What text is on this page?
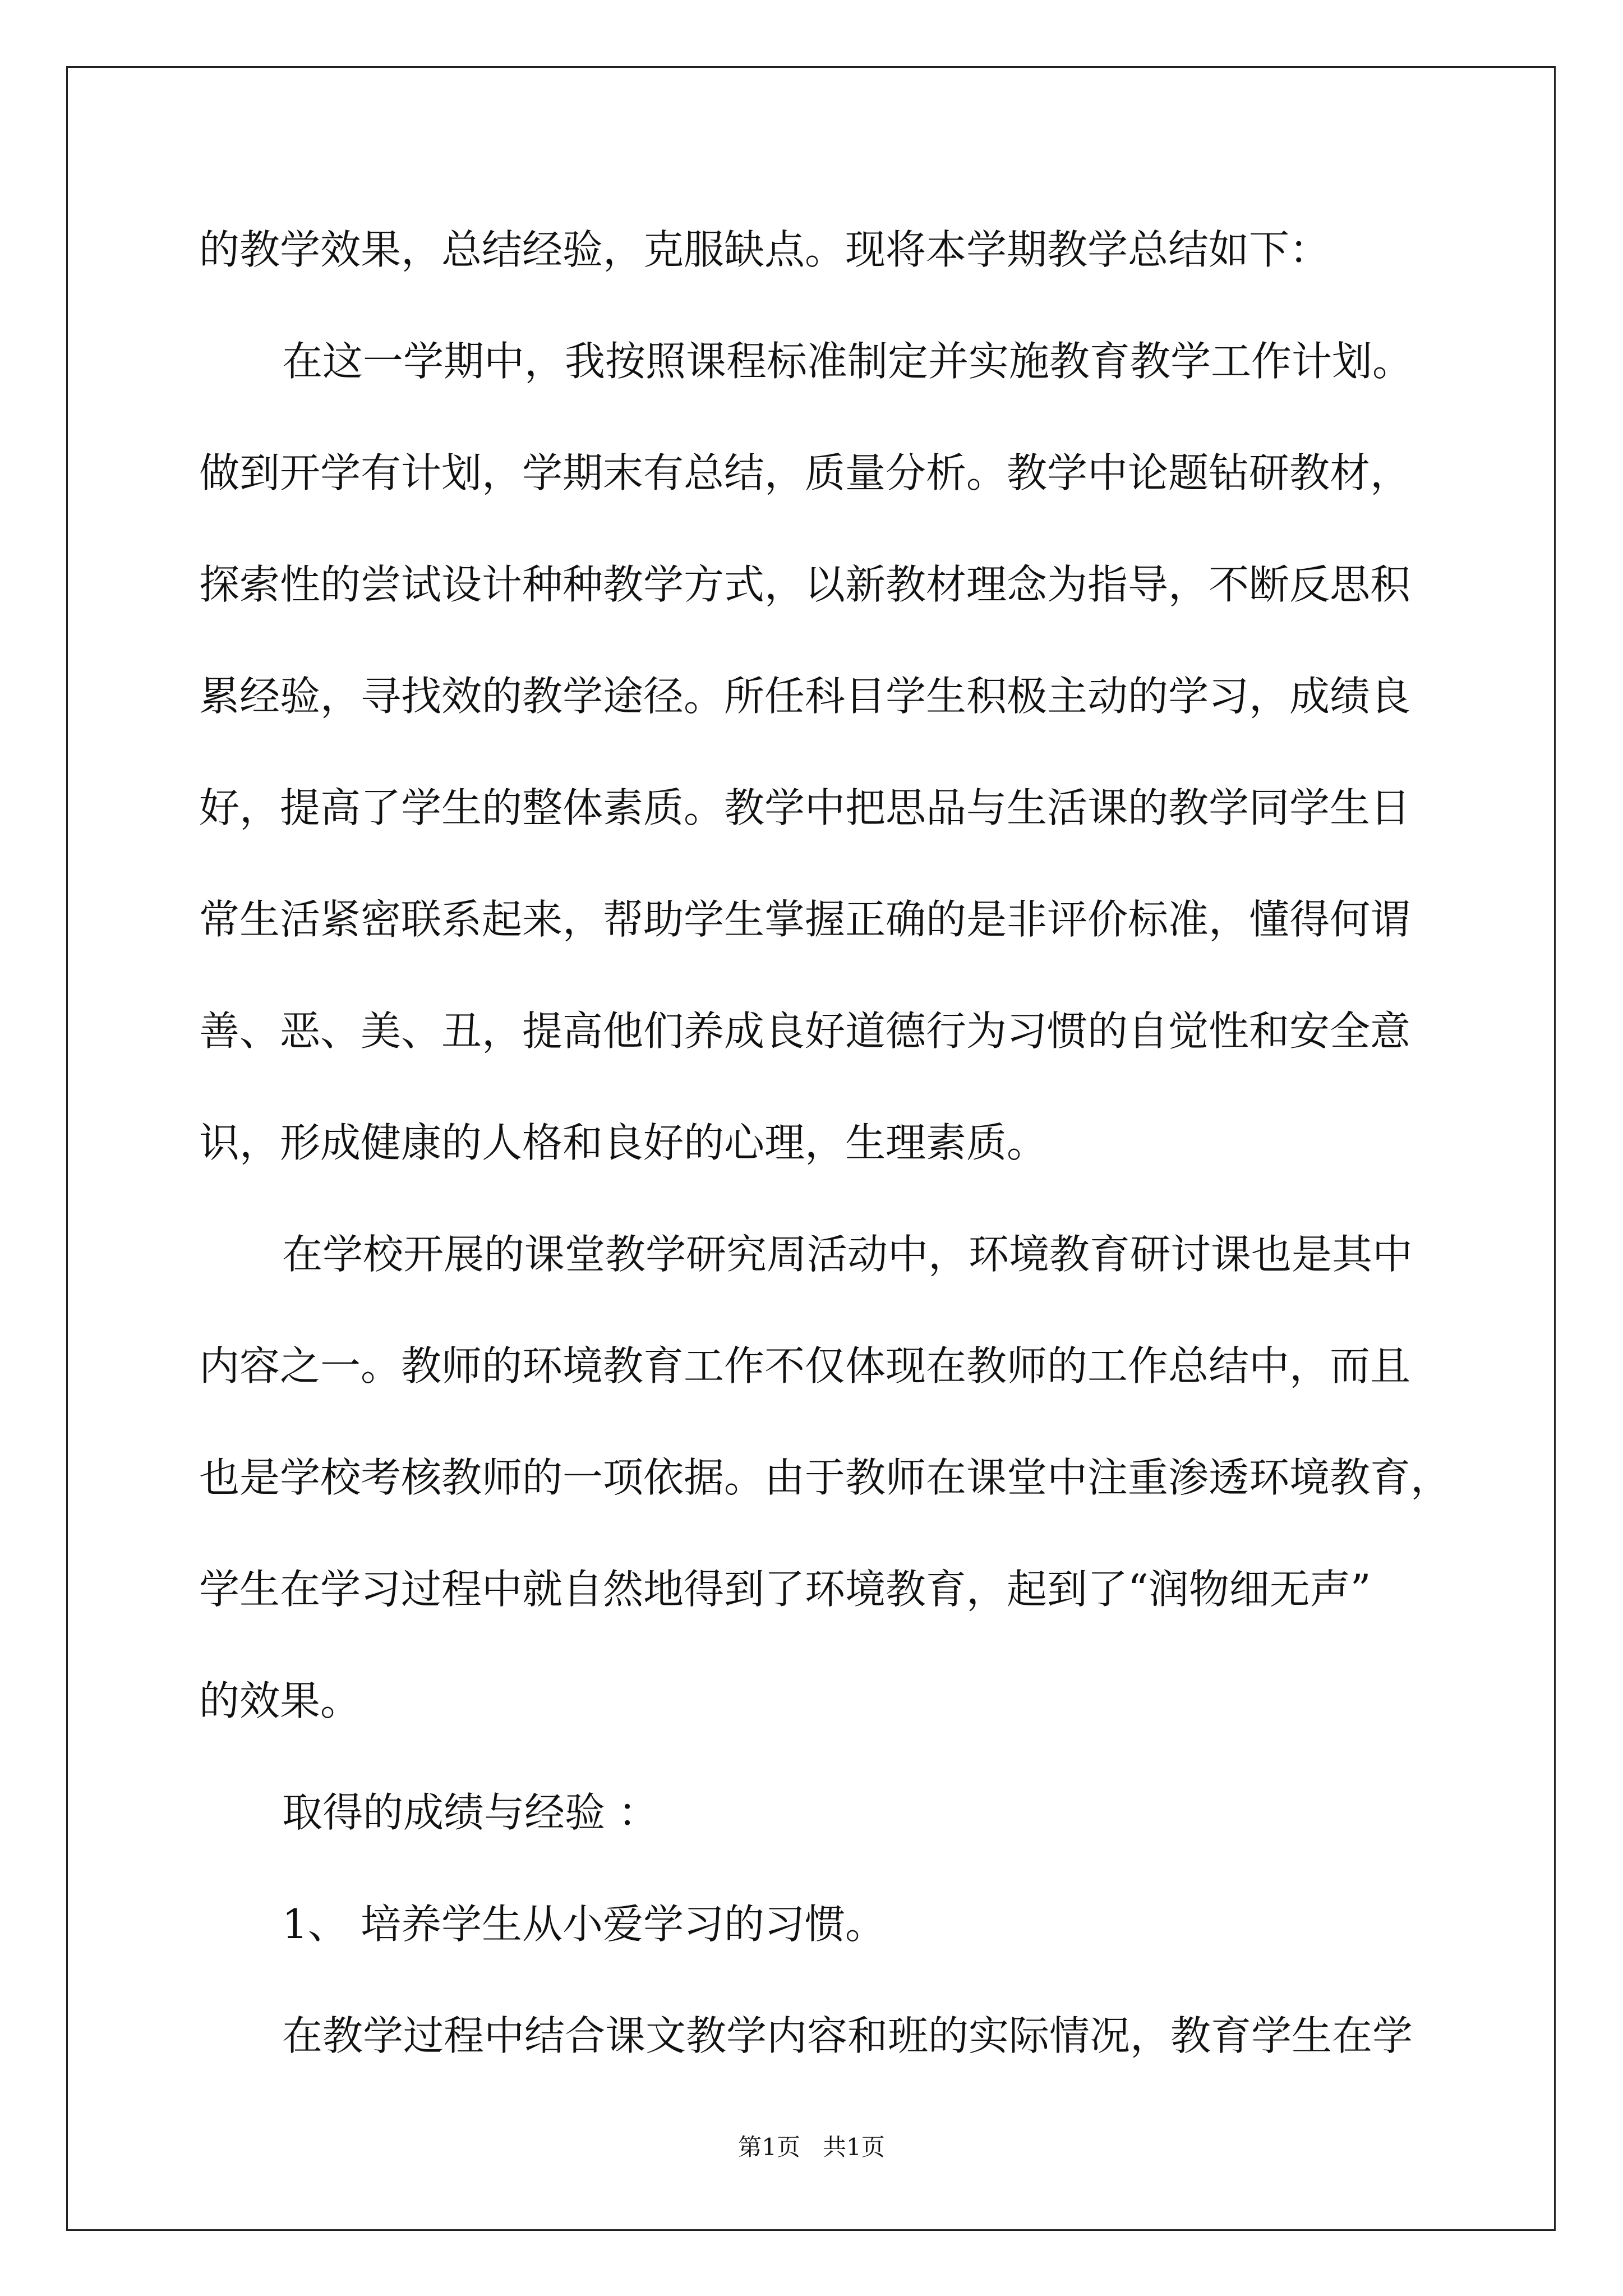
的教学效果，总结经验，克服缺点。现将本学期教学总结如下：
在这一学期中，我按照课程标准制定并实施教育教学工作计划。
做到开学有计划，学期末有总结，质量分析。教学中论题钻研教材，
探索性的尝试设计种种教学方式，以新教材理念为指导，不断反思积
累经验，寻找效的教学途径。所任科目学生积极主动的学习，成绩良
好，提高了学生的整体素质。教学中把思品与生活课的教学同学生日
常生活紧密联系起来，帮助学生掌握正确的是非评价标准，懂得何谓
善、恶、美、丑，提高他们养成良好道德行为习惯的自觉性和安全意
识，形成健康的人格和良好的心理，生理素质。
在学校开展的课堂教学研究周活动中，环境教育研讨课也是其中
内容之一。教师的环境教育工作不仅体现在教师的工作总结中，而且
也是学校考核教师的一项依据。由于教师在课堂中注重渗透环境教育，
学生在学习过程中就自然地得到了环境教育，起到了“润物细无声”
的效果。
取得的成绩与经验 ：
1、 培养学生从小爱学习的习惯。
在教学过程中结合课文教学内容和班的实际情况，教育学生在学
第1页 共1页
